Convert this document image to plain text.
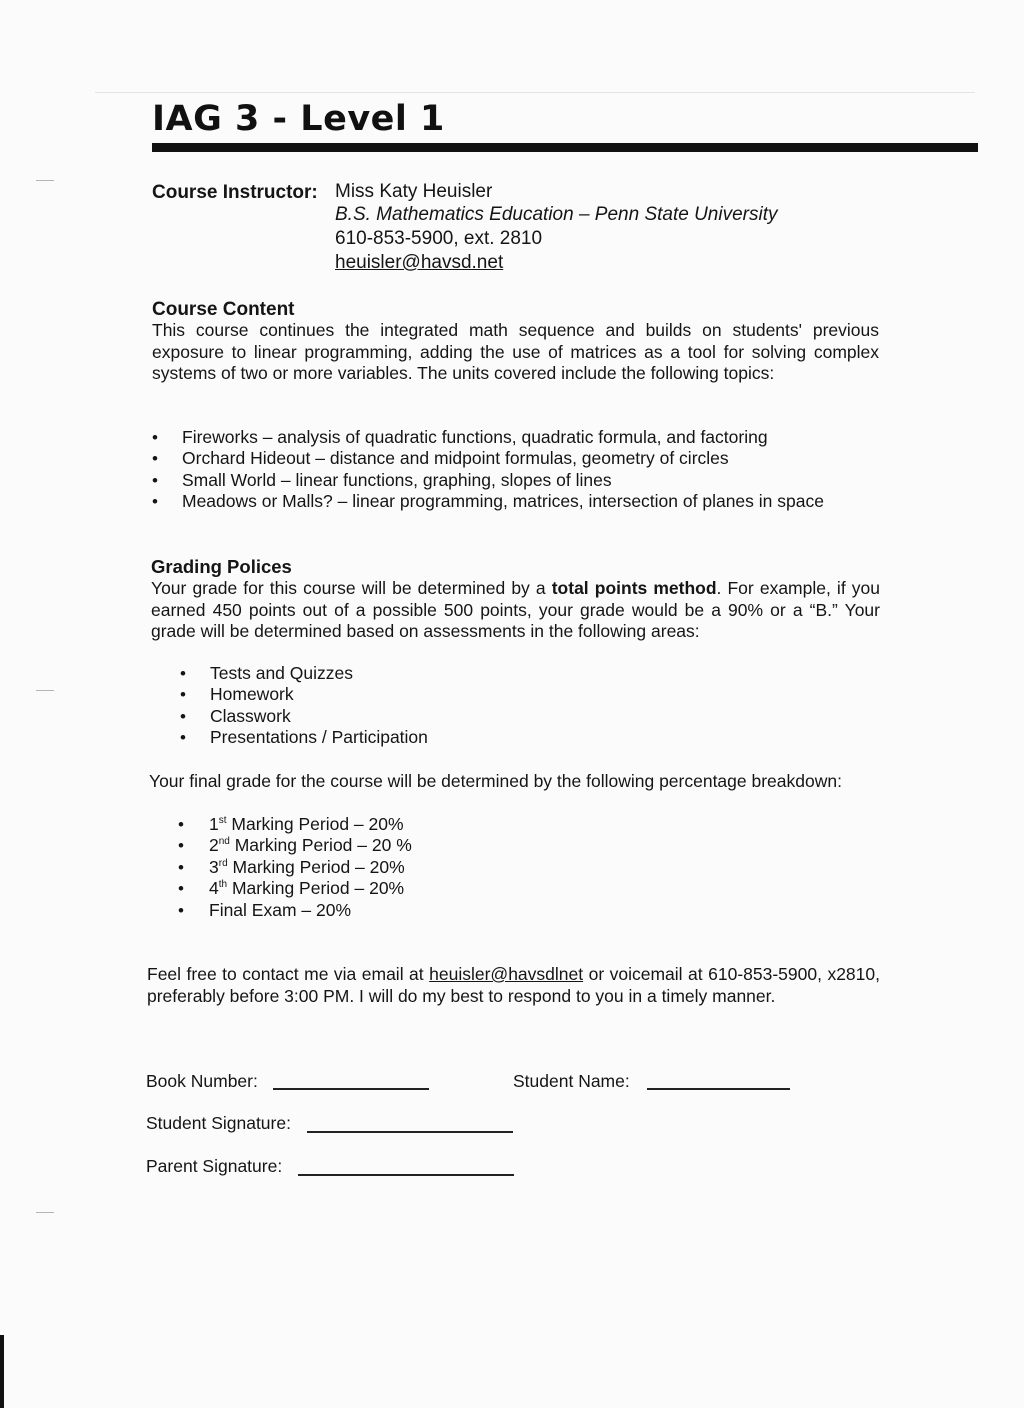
IAG 3 - Level 1
Course Instructor: Miss Katy Heuisler
B.S. Mathematics Education – Penn State University
610-853-5900, ext. 2810
heuisler@havsd.net
Course Content
This course continues the integrated math sequence and builds on students' previous exposure to linear programming, adding the use of matrices as a tool for solving complex systems of two or more variables. The units covered include the following topics:
• Fireworks – analysis of quadratic functions, quadratic formula, and factoring
• Orchard Hideout – distance and midpoint formulas, geometry of circles
• Small World – linear functions, graphing, slopes of lines
• Meadows or Malls? – linear programming, matrices, intersection of planes in space
Grading Polices
Your grade for this course will be determined by a total points method. For example, if you earned 450 points out of a possible 500 points, your grade would be a 90% or a “B.” Your grade will be determined based on assessments in the following areas:
• Tests and Quizzes
• Homework
• Classwork
• Presentations / Participation
Your final grade for the course will be determined by the following percentage breakdown:
• 1st Marking Period – 20%
• 2nd Marking Period – 20 %
• 3rd Marking Period – 20%
• 4th Marking Period – 20%
• Final Exam – 20%
Feel free to contact me via email at heuisler@havsdlnet or voicemail at 610-853-5900, x2810, preferably before 3:00 PM. I will do my best to respond to you in a timely manner.
Book Number:	Student Name:
Student Signature:
Parent Signature:
